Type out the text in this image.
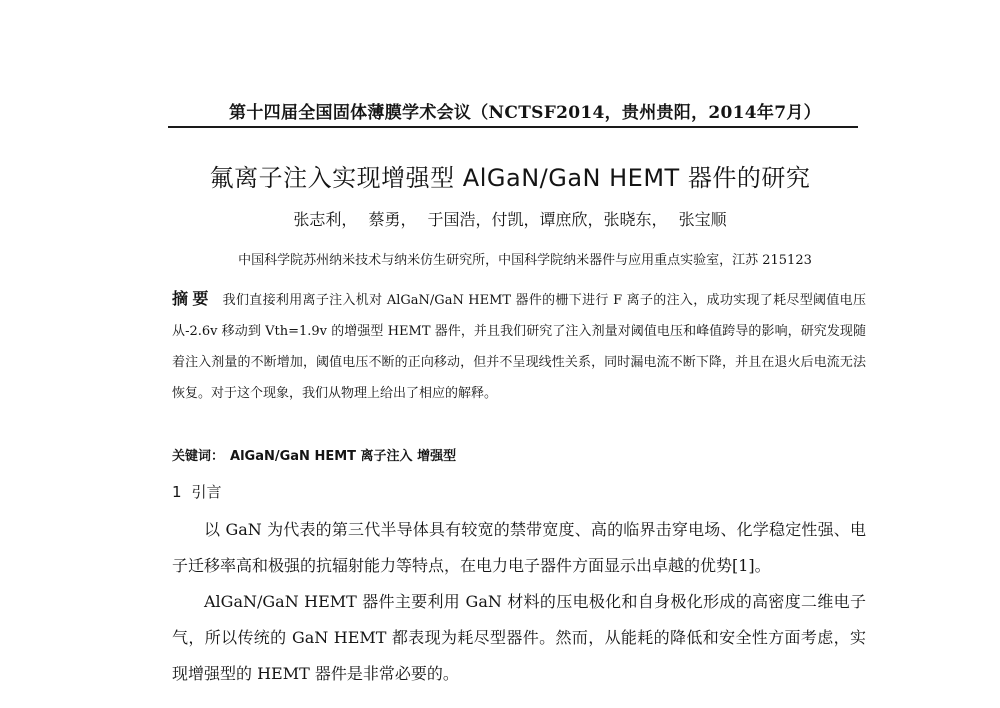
第十四届全国固体薄膜学术会议（NCTSF2014，贵州贵阳，2014年7月）
氟离子注入实现增强型 AlGaN/GaN HEMT 器件的研究
张志利， 蔡勇， 于国浩，付凯，谭庶欣，张晓东， 张宝顺
中国科学院苏州纳米技术与纳米仿生研究所，中国科学院纳米器件与应用重点实验室，江苏 215123
摘要 我们直接利用离子注入机对 AlGaN/GaN HEMT 器件的栅下进行 F 离子的注入，成功实现了耗尽型阈值电压从-2.6v 移动到 Vth=1.9v 的增强型 HEMT 器件，并且我们研究了注入剂量对阈值电压和峰值跨导的影响，研究发现随着注入剂量的不断增加，阈值电压不断的正向移动，但并不呈现线性关系，同时漏电流不断下降，并且在退火后电流无法恢复。对于这个现象，我们从物理上给出了相应的解释。
关键词： AlGaN/GaN HEMT 离子注入 增强型
1 引言

以 GaN 为代表的第三代半导体具有较宽的禁带宽度、高的临界击穿电场、化学稳定性强、电子迁移率高和极强的抗辐射能力等特点，在电力电子器件方面显示出卓越的优势[1]。

AlGaN/GaN HEMT 器件主要利用 GaN 材料的压电极化和自身极化形成的高密度二维电子气，所以传统的 GaN HEMT 都表现为耗尽型器件。然而，从能耗的降低和安全性方面考虑，实现增强型的 HEMT 器件是非常必要的。
